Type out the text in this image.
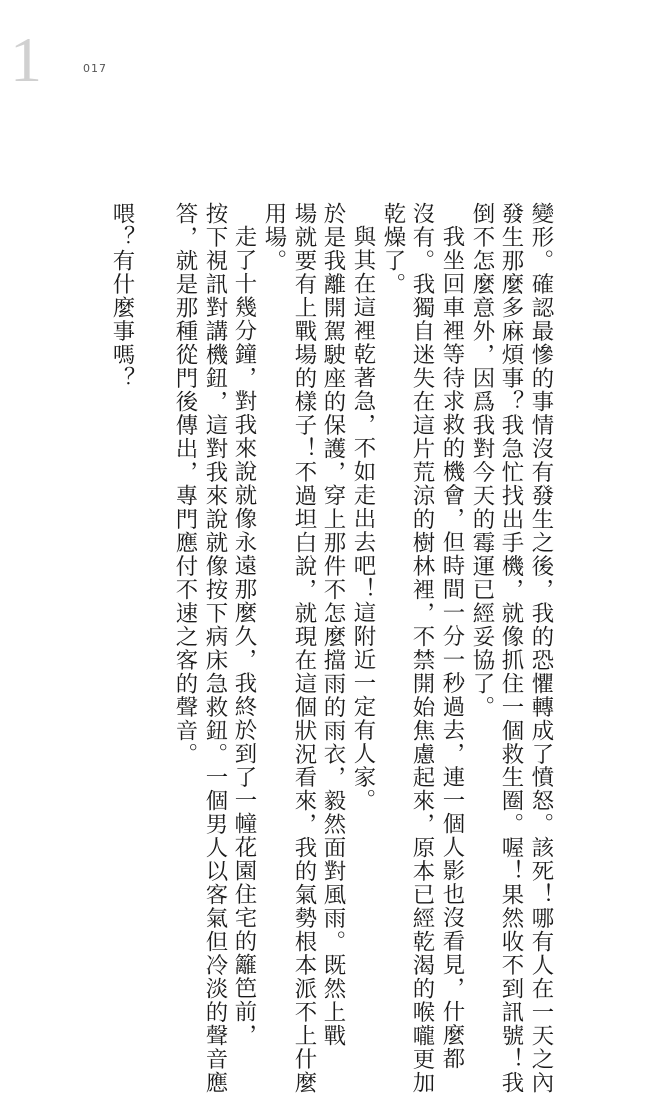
1	017
變形。確認最慘的事情沒有發生之後，我的恐懼轉成了憤怒。該死！哪有人在一天之內
發生那麼多麻煩事？我急忙找出手機，就像抓住一個救生圈。喔！果然收不到訊號！我
倒不怎麼意外，因爲我對今天的霉運已經妥協了。
我坐回車裡等待求救的機會，但時間一分一秒過去，連一個人影也沒看見，什麼都
沒有。我獨自迷失在這片荒涼的樹林裡，不禁開始焦慮起來，原本已經乾渴的喉嚨更加
乾燥了。
與其在這裡乾著急，不如走出去吧！這附近一定有人家。
於是我離開駕駛座的保護，穿上那件不怎麼擋雨的雨衣，毅然面對風雨。既然上戰
場就要有上戰場的樣子！不過坦白說，就現在這個狀況看來，我的氣勢根本派不上什麼
用場。
走了十幾分鐘，對我來說就像永遠那麼久，我終於到了一幢花園住宅的籬笆前，
按下視訊對講機鈕，這對我來說就像按下病床急救鈕。一個男人以客氣但冷淡的聲音應
答，就是那種從門後傳出，專門應付不速之客的聲音。
喂？有什麼事嗎？
